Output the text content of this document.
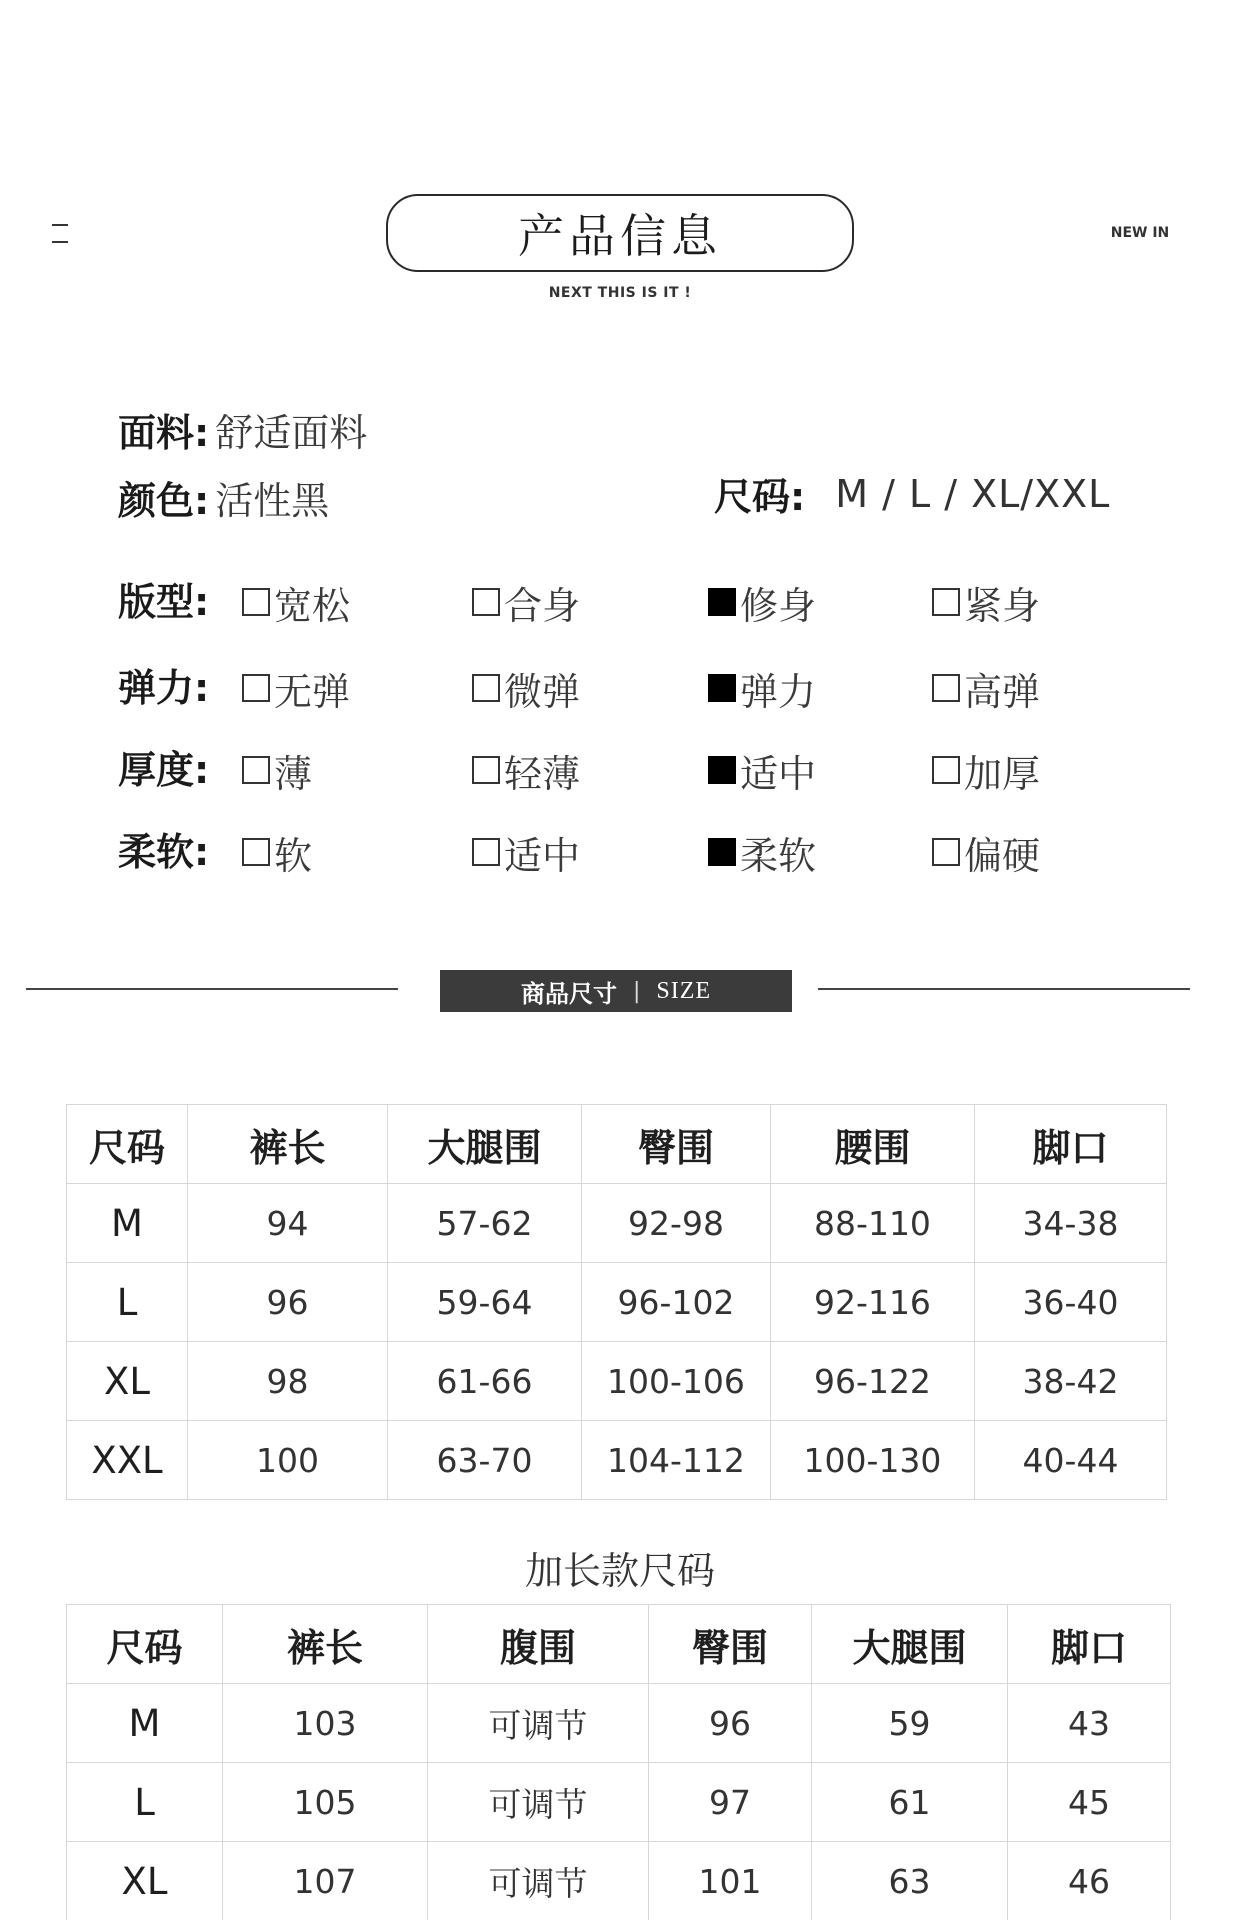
产品信息
NEXT THIS IS IT !
NEW IN
面料: 舒适面料
颜色: 活性黑	尺码: M / L / XL/XXL
版型: 宽松	合身	修身	紧身
弹力: 无弹	微弹	弹力	高弹
厚度: 薄	轻薄	适中	加厚
柔软: 软	适中	柔软	偏硬
商品尺寸 | SIZE
尺码	裤长	大腿围	臀围	腰围	脚口
M	94	57-62	92-98	88-110	34-38
L	96	59-64	96-102	92-116	36-40
XL	98	61-66	100-106	96-122	38-42
XXL	100	63-70	104-112	100-130	40-44
加长款尺码
尺码	裤长	腹围	臀围	大腿围	脚口
M	103	可调节	96	59	43
L	105	可调节	97	61	45
XL	107	可调节	101	63	46
